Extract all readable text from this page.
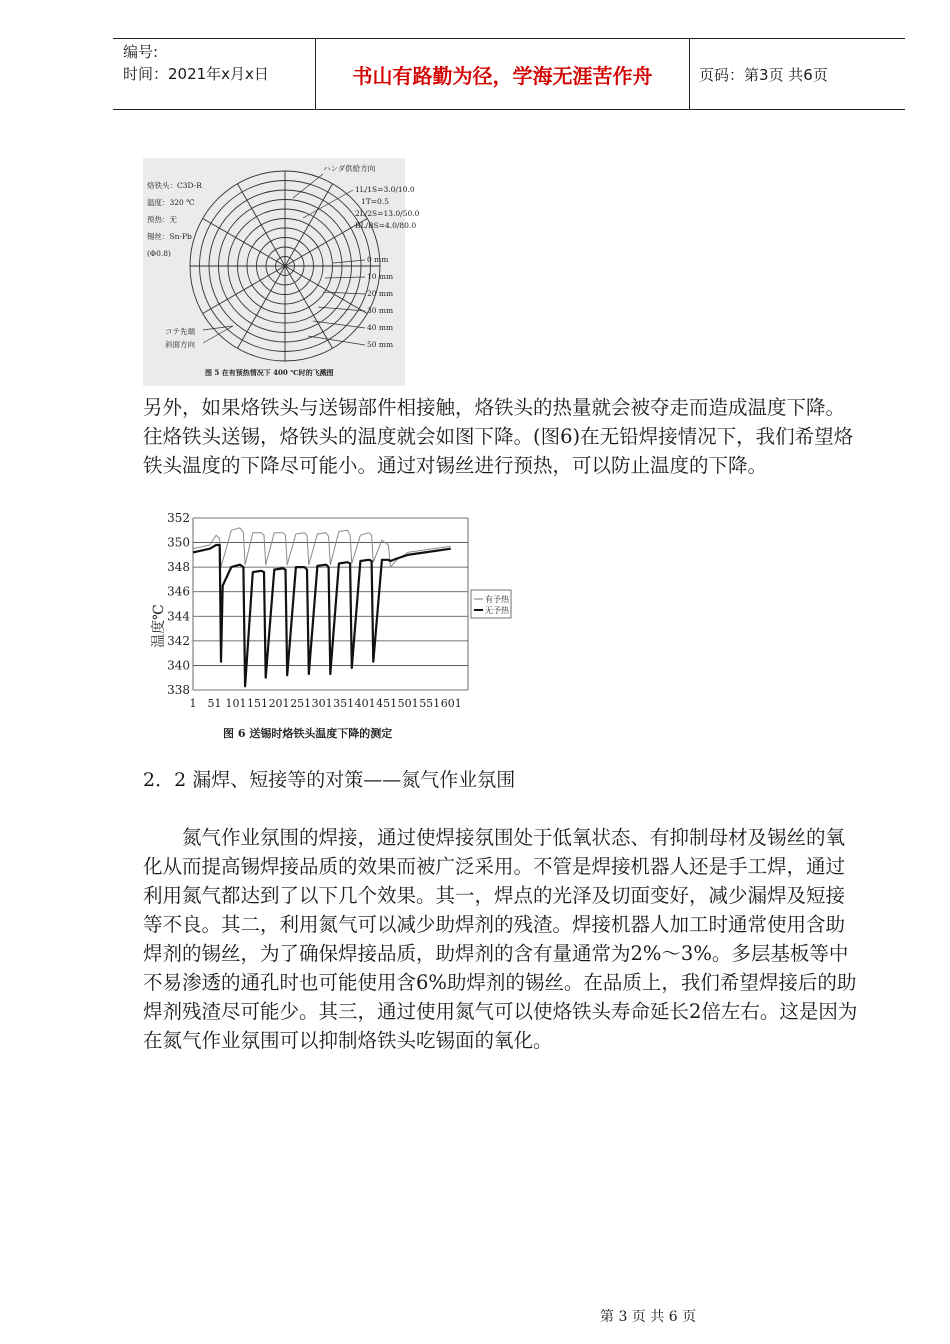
编号:
时间：2021年x月x日	书山有路勤为径，学海无涯苦作舟	页码：第3页 共6页
烙铁头：C3D-R
温度：320 ℃
预热：无
锡丝：Sn-Pb
(Φ0.8)
ハンダ供給方向
1L/1S=3.0/10.0
1T=0.5
2L/2S=13.0/50.0
BL/BS=4.0/80.0
0 mm
10 mm
20 mm
30 mm
40 mm
50 mm
コテ先端
斜面方向
图 5 在有预热情况下 400 ℃时的飞溅图

另外，如果烙铁头与送锡部件相接触，烙铁头的热量就会被夺走而造成温度下降。往烙铁头送锡，烙铁头的温度就会如图下降。(图6)在无铅焊接情况下，我们希望烙铁头温度的下降尽可能小。通过对锡丝进行预热，可以防止温度的下降。

338
340
342
344
346
348
350
352
1 51 101 151 201 251 301 351 401 451 501 551 601
温度℃
有予热
无予热
图 6 送锡时烙铁头温度下降的测定

2．2 漏焊、短接等的对策——氮气作业氛围

　　氮气作业氛围的焊接，通过使焊接氛围处于低氧状态、有抑制母材及锡丝的氧化从而提高锡焊接品质的效果而被广泛采用。不管是焊接机器人还是手工焊，通过利用氮气都达到了以下几个效果。其一，焊点的光泽及切面变好，减少漏焊及短接等不良。其二，利用氮气可以减少助焊剂的残渣。焊接机器人加工时通常使用含助焊剂的锡丝，为了确保焊接品质，助焊剂的含有量通常为2%～3%。多层基板等中不易渗透的通孔时也可能使用含6%助焊剂的锡丝。在品质上，我们希望焊接后的助焊剂残渣尽可能少。其三，通过使用氮气可以使烙铁头寿命延长2倍左右。这是因为在氮气作业氛围可以抑制烙铁头吃锡面的氧化。

第 3 页 共 6 页
